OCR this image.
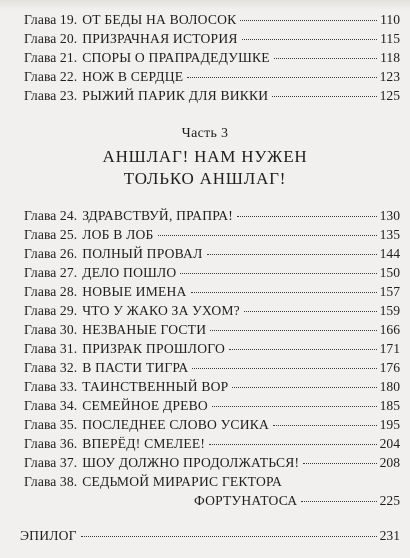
Глава 19. ОТ БЕДЫ НА ВОЛОСОК	110
Глава 20. ПРИЗРАЧНАЯ ИСТОРИЯ	115
Глава 21. СПОРЫ О ПРАПРАДЕДУШКЕ	118
Глава 22. НОЖ В СЕРДЦЕ	123
Глава 23. РЫЖИЙ ПАРИК ДЛЯ ВИККИ	125
Часть 3
АНШЛАГ! НАМ НУЖЕН
ТОЛЬКО АНШЛАГ!
Глава 24. ЗДРАВСТВУЙ, ПРАПРА!	130
Глава 25. ЛОБ В ЛОБ	135
Глава 26. ПОЛНЫЙ ПРОВАЛ	144
Глава 27. ДЕЛО ПОШЛО	150
Глава 28. НОВЫЕ ИМЕНА	157
Глава 29. ЧТО У ЖАКО ЗА УХОМ?	159
Глава 30. НЕЗВАНЫЕ ГОСТИ	166
Глава 31. ПРИЗРАК ПРОШЛОГО	171
Глава 32. В ПАСТИ ТИГРА	176
Глава 33. ТАИНСТВЕННЫЙ ВОР	180
Глава 34. СЕМЕЙНОЕ ДРЕВО	185
Глава 35. ПОСЛЕДНЕЕ СЛОВО УСИКА	195
Глава 36. ВПЕРЁД! СМЕЛЕЕ!	204
Глава 37. ШОУ ДОЛЖНО ПРОДОЛЖАТЬСЯ!	208
Глава 38. СЕДЬМОЙ МИРАРИС ГЕКТОРА
ФОРТУНАТОСА	225
ЭПИЛОГ	231
